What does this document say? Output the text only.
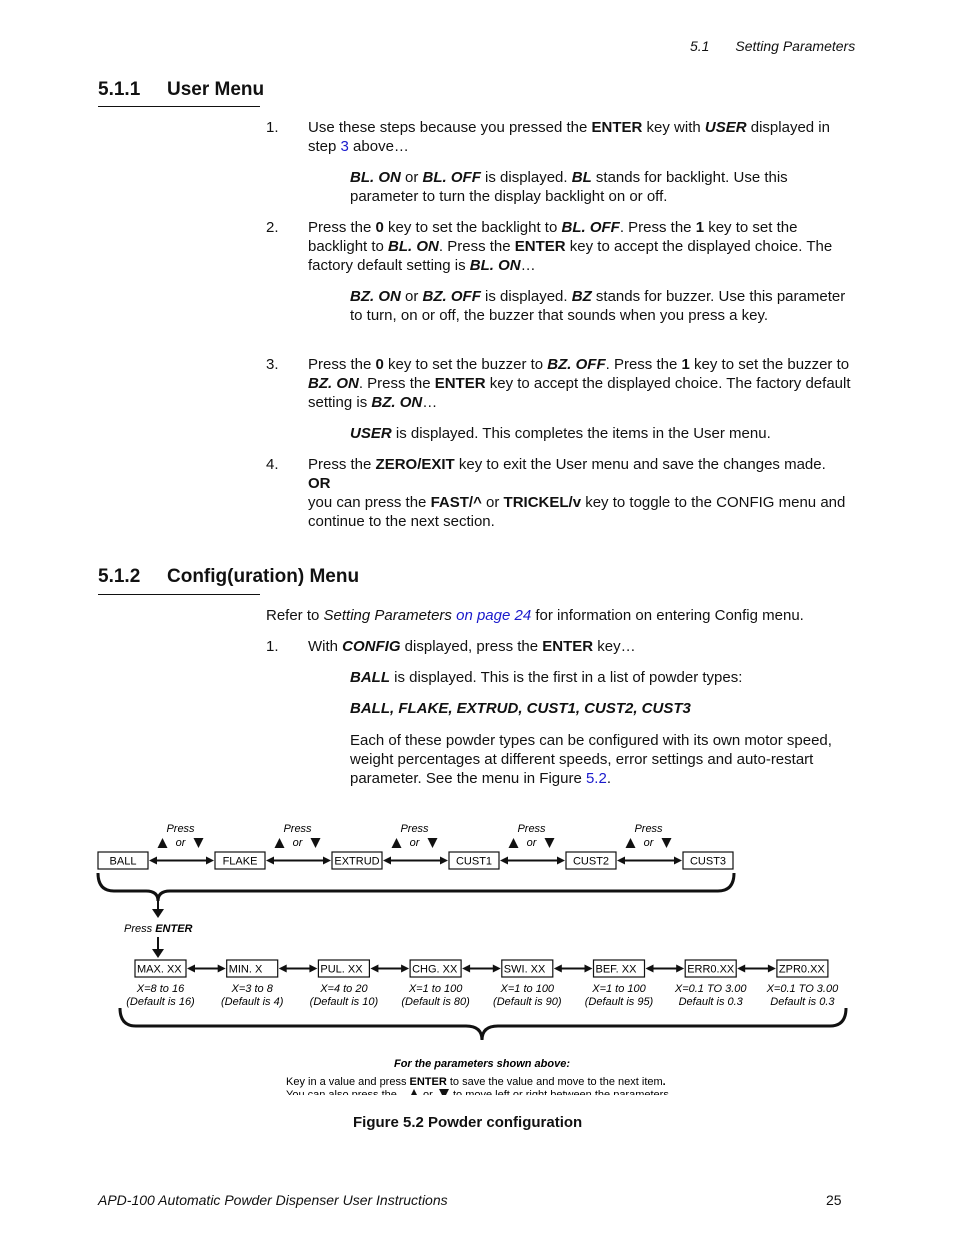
5.1 Setting Parameters
5.1.1 User Menu
1. Use these steps because you pressed the ENTER key with USER displayed in step 3 above…
BL. ON or BL. OFF is displayed. BL stands for backlight. Use this parameter to turn the display backlight on or off.
2. Press the 0 key to set the backlight to BL. OFF. Press the 1 key to set the backlight to BL. ON. Press the ENTER key to accept the displayed choice. The factory default setting is BL. ON…
BZ. ON or BZ. OFF is displayed. BZ stands for buzzer. Use this parameter to turn, on or off, the buzzer that sounds when you press a key.
3. Press the 0 key to set the buzzer to BZ. OFF. Press the 1 key to set the buzzer to BZ. ON. Press the ENTER key to accept the displayed choice. The factory default setting is BZ. ON…
USER is displayed. This completes the items in the User menu.
4. Press the ZERO/EXIT key to exit the User menu and save the changes made.
OR
you can press the FAST/^ or TRICKEL/v key to toggle to the CONFIG menu and continue to the next section.
5.1.2 Config(uration) Menu
Refer to Setting Parameters on page 24 for information on entering Config menu.
1. With CONFIG displayed, press the ENTER key…
BALL is displayed. This is the first in a list of powder types:
BALL, FLAKE, EXTRUD, CUST1, CUST2, CUST3
Each of these powder types can be configured with its own motor speed, weight percentages at different speeds, error settings and auto-restart parameter. See the menu in Figure 5.2.
BALL
Press
or
FLAKE
Press
or
EXTRUD
Press
or
CUST1
Press
or
CUST2
Press
or
CUST3
Press ENTER
MAX. XX
X=8 to 16
(Default is 16)
MIN. X
X=3 to 8
(Default is 4)
PUL. XX
X=4 to 20
(Default is 10)
CHG. XX
X=1 to 100
(Default is 80)
SWI. XX
X=1 to 100
(Default is 90)
BEF. XX
X=1 to 100
(Default is 95)
ERR0.XX
X=0.1 TO 3.00
Default is 0.3
ZPR0.XX
X=0.1 TO 3.00
Default is 0.3
For the parameters shown above:
Key in a value and press ENTER to save the value and move to the next item.
You can also press the or to move left or right between the parameters.
Figure 5.2 Powder configuration
APD-100 Automatic Powder Dispenser User Instructions	25
